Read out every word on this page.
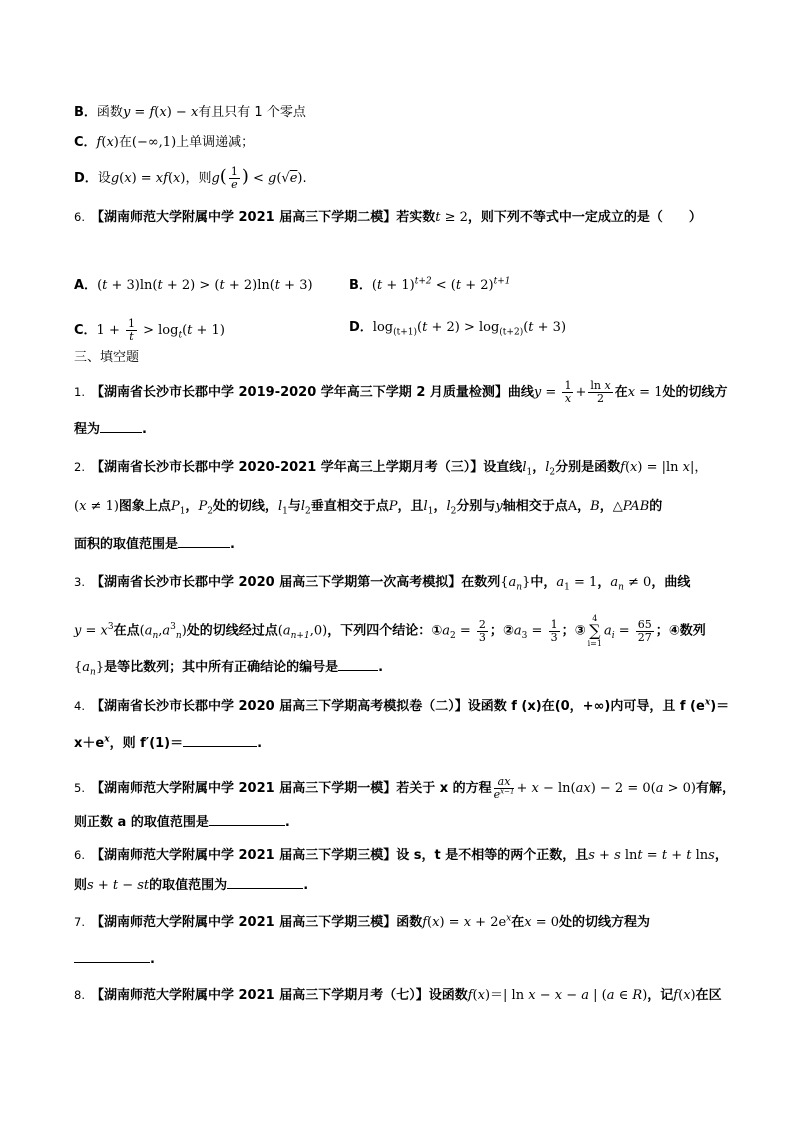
B．函数y = f(x) − x有且只有 1 个零点
C．f(x)在(−∞,1)上单调递减；
D．设g(x) = xf(x)，则$g( \frac{1}{e}$ ) < g(√e).
6. 【湖南师范大学附属中学 2021 届高三下学期二模】若实数t ≥ 2，则下列不等式中一定成立的是（　　）
A．(t + 3)ln(t + 2) > (t + 2)ln(t + 3)	B．$(t + 1)^{t+2} < (t + 2)^{t+1}$
C．$1 + \frac{1}{t} > \log_t(t + 1)$	D．$\log_{(t+1)}(t + 2) > \log_{(t+2)}(t + 3)$
三、填空题
1. 【湖南省长沙市长郡中学 2019-2020 学年高三下学期 2 月质量检测】曲线$y = \frac{1}{x} + \frac{\text{ln x}}{2}$ 在x = 1处的切线方
程为	.
2. 【湖南省长沙市长郡中学 2020-2021 学年高三上学期月考（三）】设直线$l_1$，$l_2$分别是函数f(x) = |ln x|，
(x ≠ 1)图象上点$P_1$，$P_2$处的切线，$l_1$与$l_2$垂直相交于点P，且$l_1$，$l_2$分别与y轴相交于点A，B，△PAB的
面积的取值范围是	.
3. 【湖南省长沙市长郡中学 2020 届高三下学期第一次高考模拟】在数列$\{a_n\}$中，$a_1 = 1$，$a_n \ne 0$，曲线
$y = x^3$在点$(a_n,a^3_n)$处的切线经过点$(a_{n+1},0)$，下列四个结论：$①a_2 = \frac{2}{3}$ ；$②a_3 = \frac{1}{3}$ ；③
4
∑
i=1
$a_i = \frac{65}{27}$ ；④数列
$\{a_n\}$是等比数列；其中所有正确结论的编号是	.
4. 【湖南省长沙市长郡中学 2020 届高三下学期高考模拟卷（二）】设函数 f (x)在(0，+∞)内可导，且 f $(e^x)=$
$x+e^x$，则 f′(1)＝	.
5. 【湖南师范大学附属中学 2021 届高三下学期一模】若关于 x 的方程 $\frac{ax}{e^{x-1}} + x - \ln(ax) - 2 = 0(a > 0)$有解，
则正数 a 的取值范围是	.
6. 【湖南师范大学附属中学 2021 届高三下学期三模】设 s，t 是不相等的两个正数，且s + s lnt = t + t lns，
则s + t − st的取值范围为	.
7. 【湖南师范大学附属中学 2021 届高三下学期三模】函数$f(x) = x + 2e^x$在x = 0处的切线方程为
.
8. 【湖南师范大学附属中学 2021 届高三下学期月考（七）】设函数f(x)＝| ln x − x − a | (a ∈ R)，记f(x)在区
